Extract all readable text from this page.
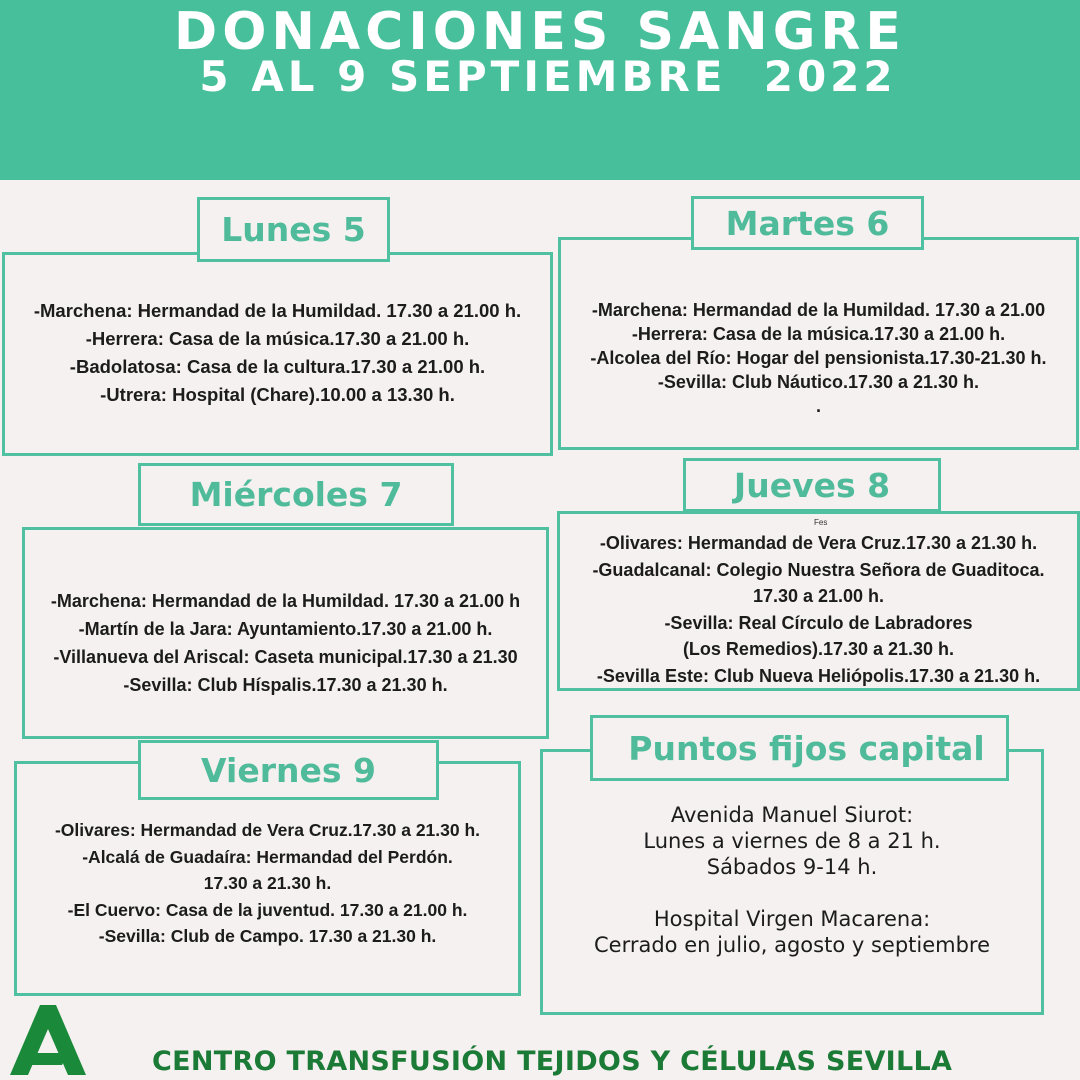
DONACIONES SANGRE
5 AL 9 SEPTIEMBRE  2022
-Marchena: Hermandad de la Humildad. 17.30 a 21.00 h.
-Herrera: Casa de la música.17.30 a 21.00 h.
-Badolatosa: Casa de la cultura.17.30 a 21.00 h.
-Utrera: Hospital (Chare).10.00 a 13.30 h.
Lunes 5
-Marchena: Hermandad de la Humildad. 17.30 a 21.00
-Herrera: Casa de la música.17.30 a 21.00 h.
-Alcolea del Río: Hogar del pensionista.17.30-21.30 h.
-Sevilla: Club Náutico.17.30 a 21.30 h.
.
Martes 6
-Marchena: Hermandad de la Humildad. 17.30 a 21.00 h
-Martín de la Jara: Ayuntamiento.17.30 a 21.00 h.
-Villanueva del Ariscal: Caseta municipal.17.30 a 21.30
-Sevilla: Club Híspalis.17.30 a 21.30 h.
Miércoles 7
Fes
-Olivares: Hermandad de Vera Cruz.17.30 a 21.30 h.
-Guadalcanal: Colegio Nuestra Señora de Guaditoca.
17.30 a 21.00 h.
-Sevilla: Real Círculo de Labradores
(Los Remedios).17.30 a 21.30 h.
-Sevilla Este: Club Nueva Heliópolis.17.30 a 21.30 h.
Jueves 8
-Olivares: Hermandad de Vera Cruz.17.30 a 21.30 h.
-Alcalá de Guadaíra: Hermandad del Perdón.
17.30 a 21.30 h.
-El Cuervo: Casa de la juventud. 17.30 a 21.00 h.
-Sevilla: Club de Campo. 17.30 a 21.30 h.
Viernes 9
Avenida Manuel Siurot:
Lunes a viernes de 8 a 21 h.
Sábados 9-14 h.
Hospital Virgen Macarena:
Cerrado en julio, agosto y septiembre
Puntos fijos capital
CENTRO TRANSFUSIÓN TEJIDOS Y CÉLULAS SEVILLA
